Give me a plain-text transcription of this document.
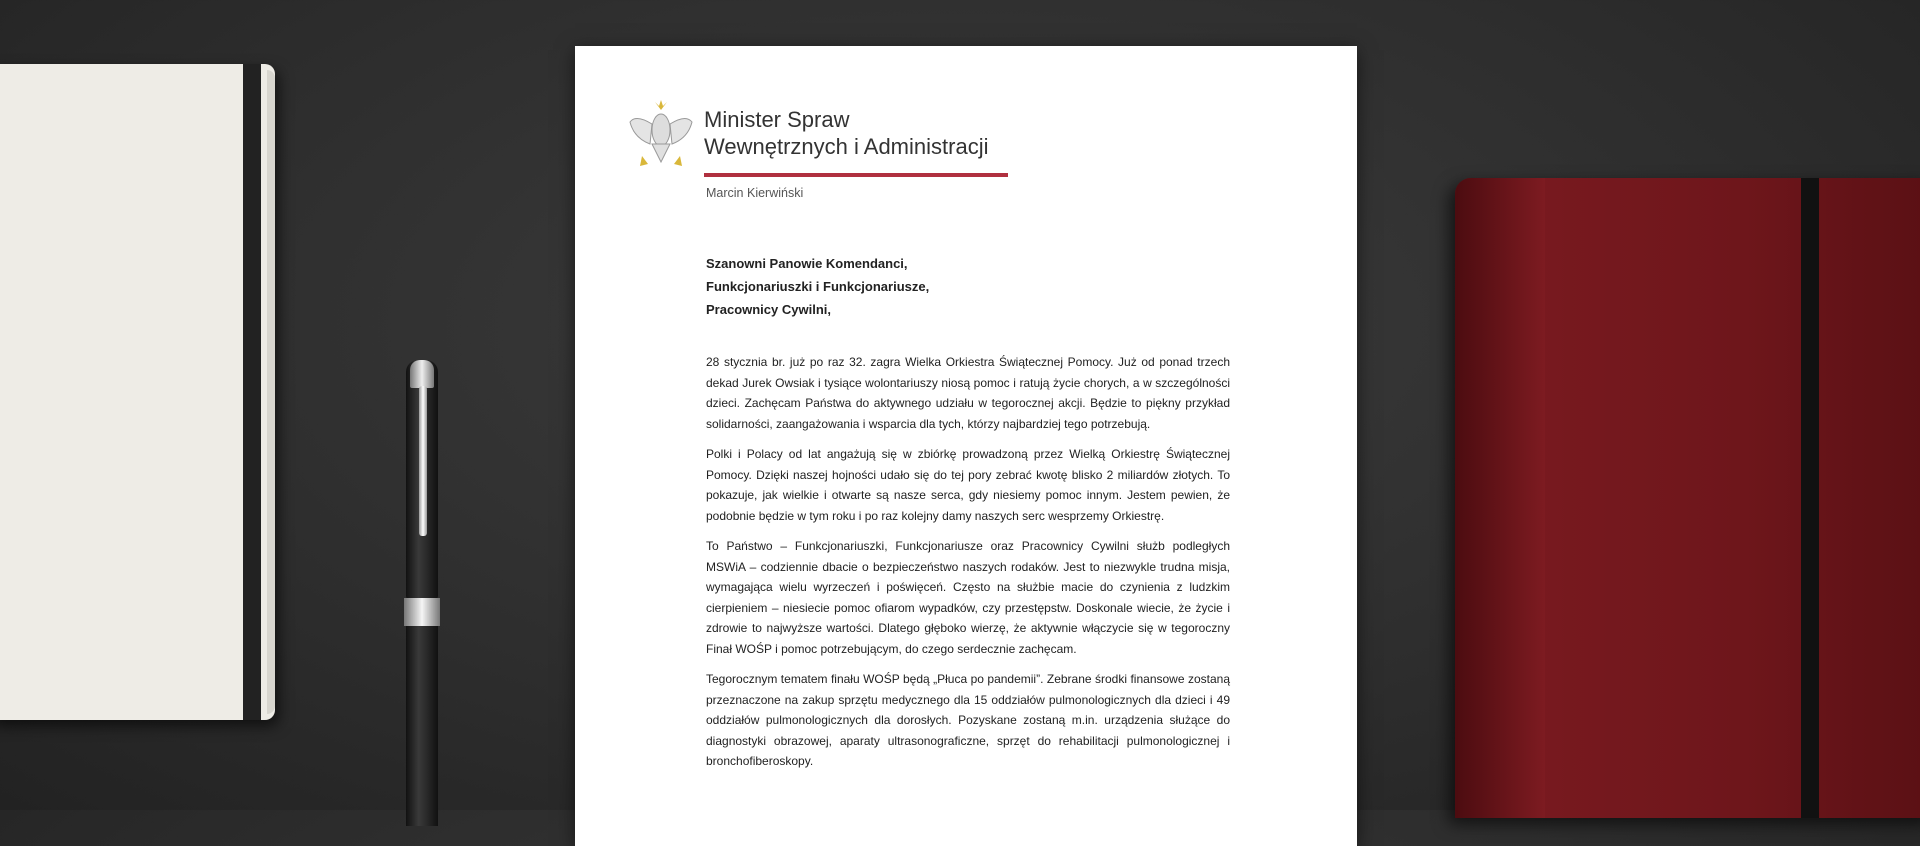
Minister Spraw
Wewnętrznych i Administracji
Marcin Kierwiński
Szanowni Panowie Komendanci,
Funkcjonariuszki i Funkcjonariusze,
Pracownicy Cywilni,

28 stycznia br. już po raz 32. zagra Wielka Orkiestra Świątecznej Pomocy. Już od ponad trzech dekad Jurek Owsiak i tysiące wolontariuszy niosą pomoc i ratują życie chorych, a w szczególności dzieci. Zachęcam Państwa do aktywnego udziału w tegorocznej akcji. Będzie to piękny przykład solidarności, zaangażowania i wsparcia dla tych, którzy najbardziej tego potrzebują.

Polki i Polacy od lat angażują się w zbiórkę prowadzoną przez Wielką Orkiestrę Świątecznej Pomocy. Dzięki naszej hojności udało się do tej pory zebrać kwotę blisko 2 miliardów złotych. To pokazuje, jak wielkie i otwarte są nasze serca, gdy niesiemy pomoc innym. Jestem pewien, że podobnie będzie w tym roku i po raz kolejny damy naszych serc wesprzemy Orkiestrę.

To Państwo – Funkcjonariuszki, Funkcjonariusze oraz Pracownicy Cywilni służb podległych MSWiA – codziennie dbacie o bezpieczeństwo naszych rodaków. Jest to niezwykle trudna misja, wymagająca wielu wyrzeczeń i poświęceń. Często na służbie macie do czynienia z ludzkim cierpieniem – niesiecie pomoc ofiarom wypadków, czy przestępstw. Doskonale wiecie, że życie i zdrowie to najwyższe wartości. Dlatego głęboko wierzę, że aktywnie włączycie się w tegoroczny Finał WOŚP i pomoc potrzebującym, do czego serdecznie zachęcam.

Tegorocznym tematem finału WOŚP będą „Płuca po pandemii”. Zebrane środki finansowe zostaną przeznaczone na zakup sprzętu medycznego dla 15 oddziałów pulmonologicznych dla dzieci i 49 oddziałów pulmonologicznych dla dorosłych. Pozyskane zostaną m.in. urządzenia służące do diagnostyki obrazowej, aparaty ultrasonograficzne, sprzęt do rehabilitacji pulmonologicznej i bronchofiberoskopy.
